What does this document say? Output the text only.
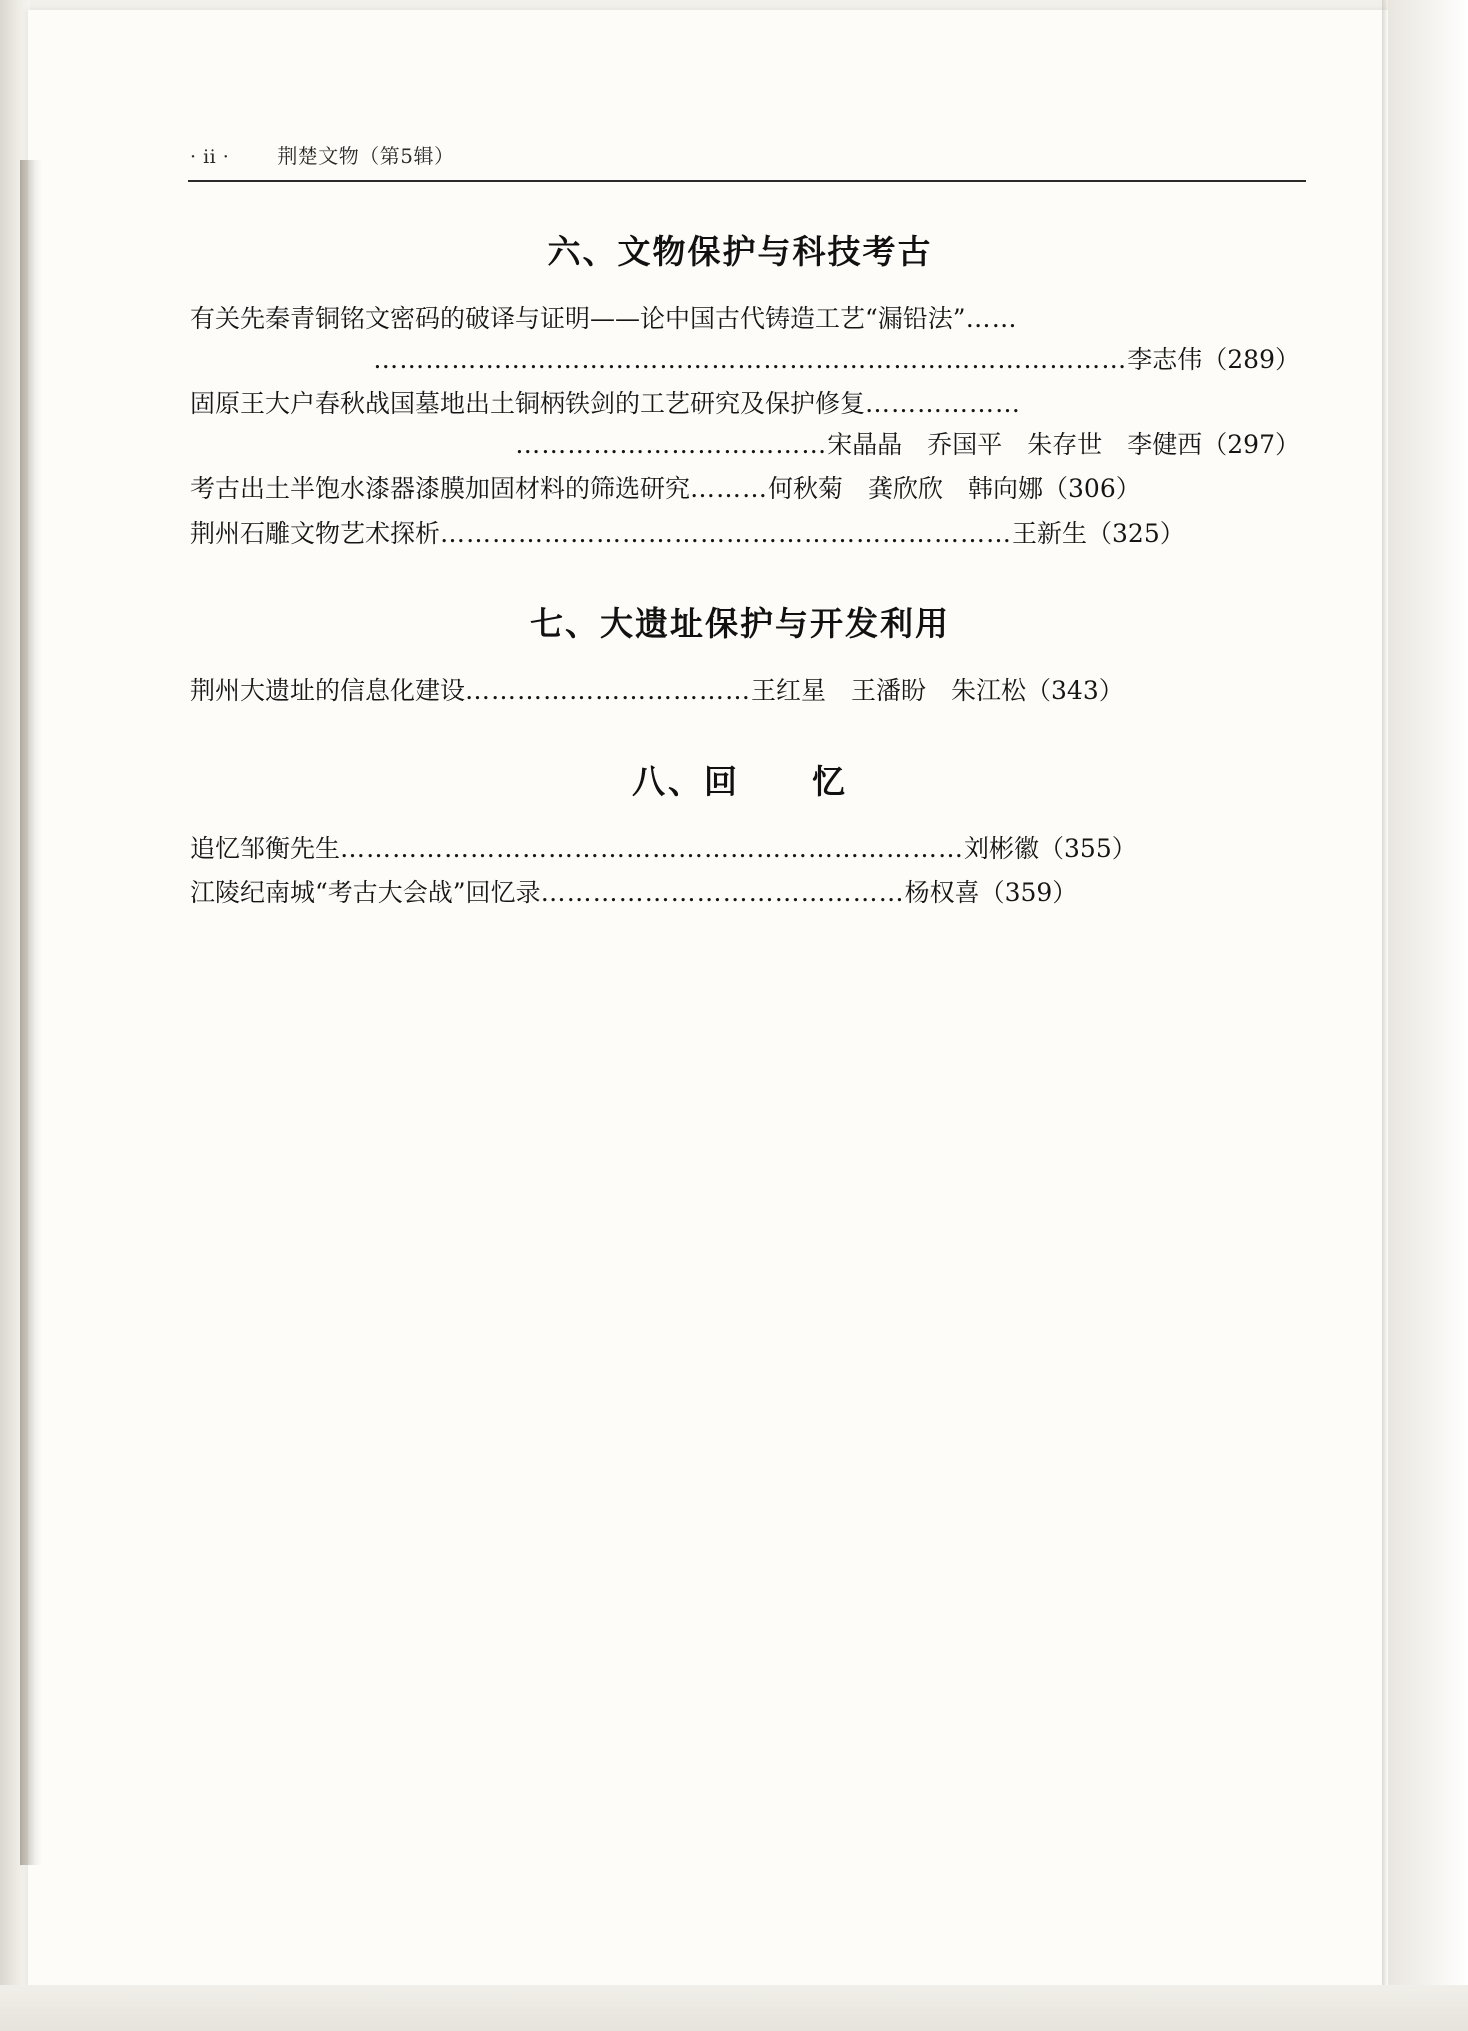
· ii · 荆楚文物（第5辑）
六、文物保护与科技考古
有关先秦青铜铭文密码的破译与证明——论中国古代铸造工艺“漏铅法”……
……………………………………………………………………………李志伟（289）
固原王大户春秋战国墓地出土铜柄铁剑的工艺研究及保护修复………………
………………………………宋晶晶　乔国平　朱存世　李健西（297）
考古出土半饱水漆器漆膜加固材料的筛选研究………何秋菊　龚欣欣　韩向娜（306）
荆州石雕文物艺术探析…………………………………………………………王新生（325）
七、大遗址保护与开发利用
荆州大遗址的信息化建设……………………………王红星　王潘盼　朱江松（343）
八、回　　忆
追忆邹衡先生………………………………………………………………刘彬徽（355）
江陵纪南城“考古大会战”回忆录……………………………………杨权喜（359）
